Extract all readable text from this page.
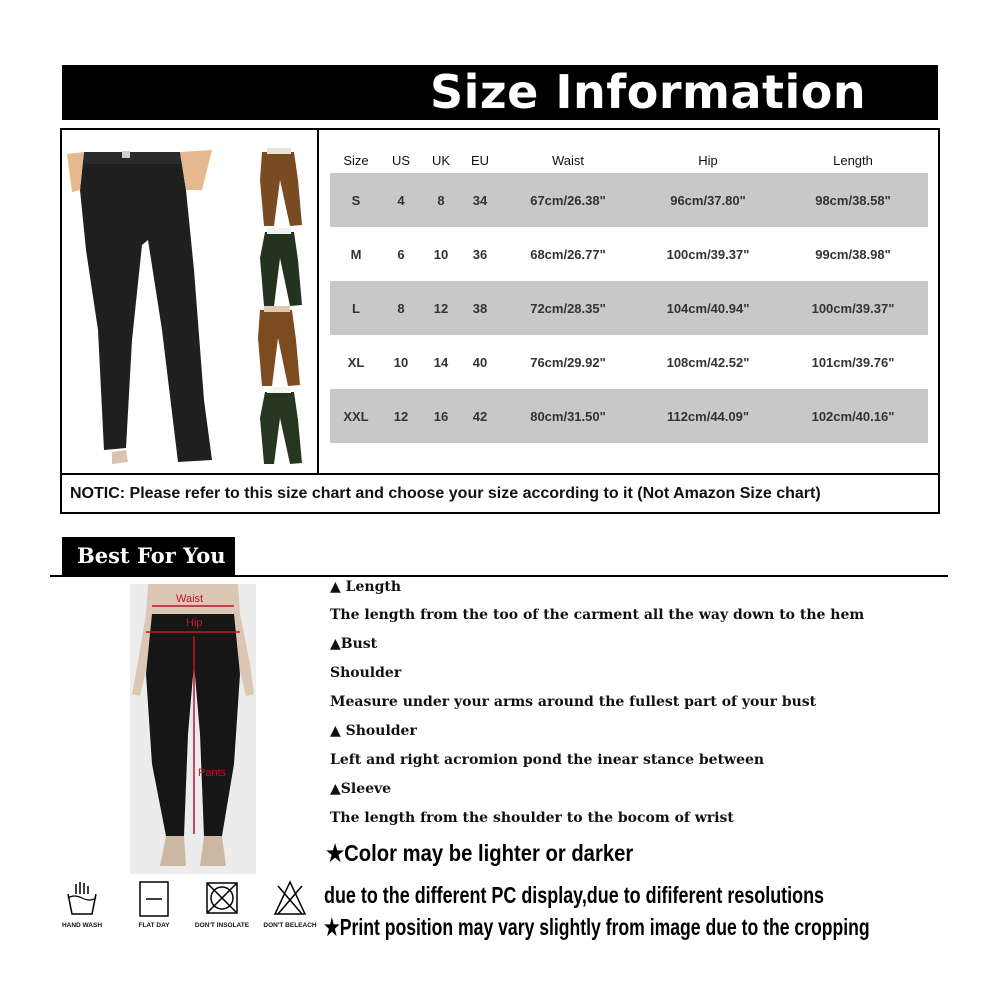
Size Information
Size	US	UK	EU	Waist	Hip	Length
S	4	8	34	67cm/26.38"	96cm/37.80"	98cm/38.58"
M	6	10	36	68cm/26.77"	100cm/39.37"	99cm/38.98"
L	8	12	38	72cm/28.35"	104cm/40.94"	100cm/39.37"
XL	10	14	40	76cm/29.92"	108cm/42.52"	101cm/39.76"
XXL	12	16	42	80cm/31.50"	112cm/44.09"	102cm/40.16"
NOTIC: Please refer to this size chart and choose your size according to it (Not Amazon Size chart)
Best For You
Waist
Hip
Pants
HAND WASH	FLAT DAY	DON'T INSOLATE	DON'T BELEACH
▲ Length
The length from the too of the carment all the way down to the hem
▲Bust
Shoulder
Measure under your arms around the fullest part of your bust
▲ Shoulder
Left and right acromion pond the inear stance between
▲Sleeve
The length from the shoulder to the bocom of wrist
★Color may be lighter or darker
due to the different PC display,due to dififerent resolutions
★Print position may vary slightly from image due to the cropping
